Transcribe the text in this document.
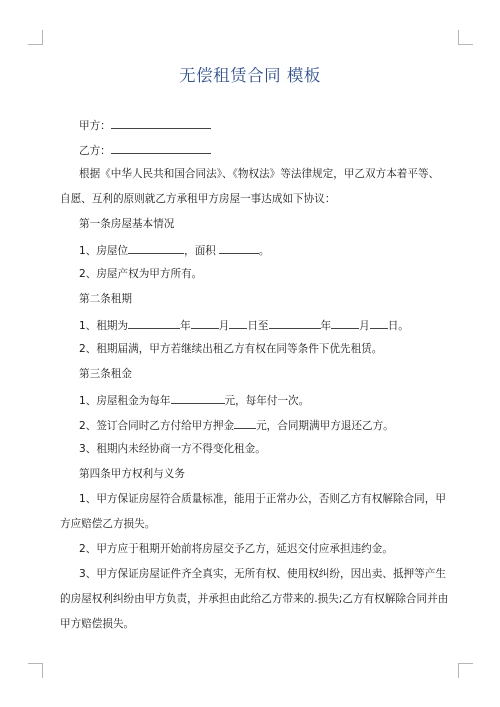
无偿租赁合同 模板
甲方：
乙方：
根据《中华人民共和国合同法》、《物权法》等法律规定，甲乙双方本着平等、
自愿、互利的原则就乙方承租甲方房屋一事达成如下协议：
第一条房屋基本情况
1、房屋位	，面积	。
2、房屋产权为甲方所有。
第二条租期
1、租期为	年	月 日至	年	月 日。
2、租期届满，甲方若继续出租乙方有权在同等条件下优先租赁。
第三条租金
1、房屋租金为每年	元，每年付一次。
2、签订合同时乙方付给甲方押金 元，合同期满甲方退还乙方。
3、租期内未经协商一方不得变化租金。
第四条甲方权利与义务
1、甲方保证房屋符合质量标准，能用于正常办公，否则乙方有权解除合同，甲
方应赔偿乙方损失。
2、甲方应于租期开始前将房屋交予乙方，延迟交付应承担违约金。
3、甲方保证房屋证件齐全真实，无所有权、使用权纠纷，因出卖、抵押等产生
的房屋权利纠纷由甲方负责，并承担由此给乙方带来的.损失;乙方有权解除合同并由
甲方赔偿损失。
